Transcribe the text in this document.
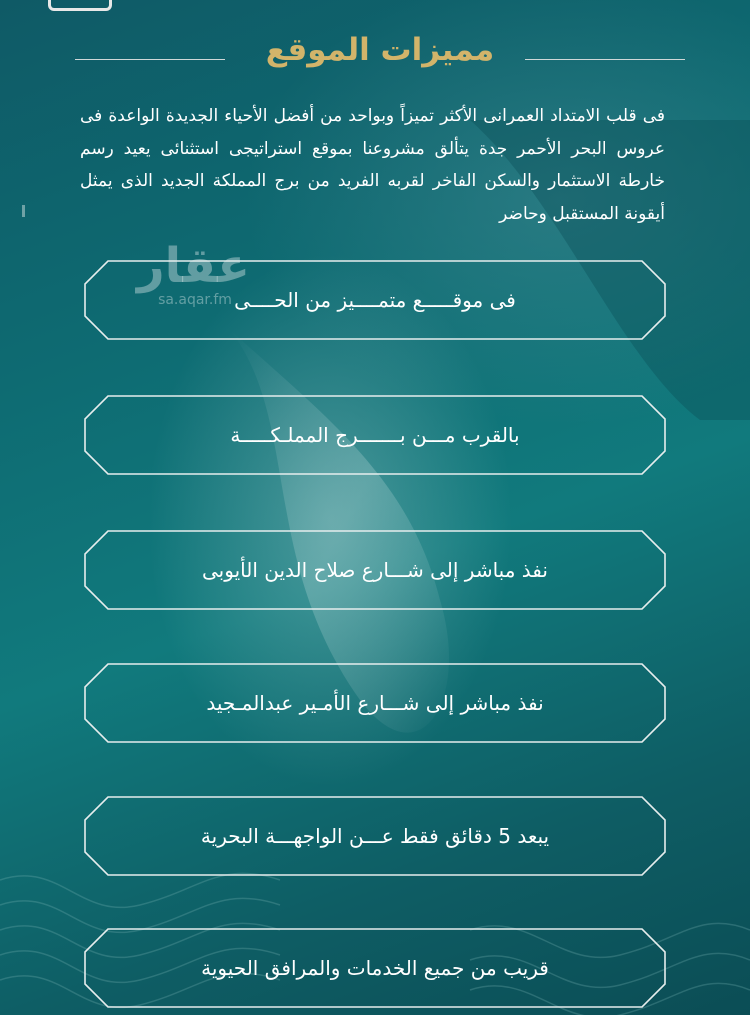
مميزات الموقع

فى قلب الامتداد العمرانى الأكثر تميزاً وبواحد من أفضل الأحياء الجديدة الواعدة فى عروس البحر الأحمر جدة يتألق مشروعنا بموقع استراتيجى استثنائى يعيد رسم خارطة الاستثمار والسكن الفاخر لقربه الفريد من برج المملكة الجديد الذى يمثل أيقونة المستقبل وحاضر

عقار
sa.aqar.fm فى موقـــــع متمــــيز من الحــــى
بالقرب مـــن بـــــــرج المملـكـــــة
نفذ مباشر إلى شـــارع صلاح الدين الأيوبى
نفذ مباشر إلى شـــارع الأمـير عبدالمـجيد
يبعد 5 دقائق فقط عـــن الواجهـــة البحرية
قريب من جميع الخدمات والمرافق الحيوية
